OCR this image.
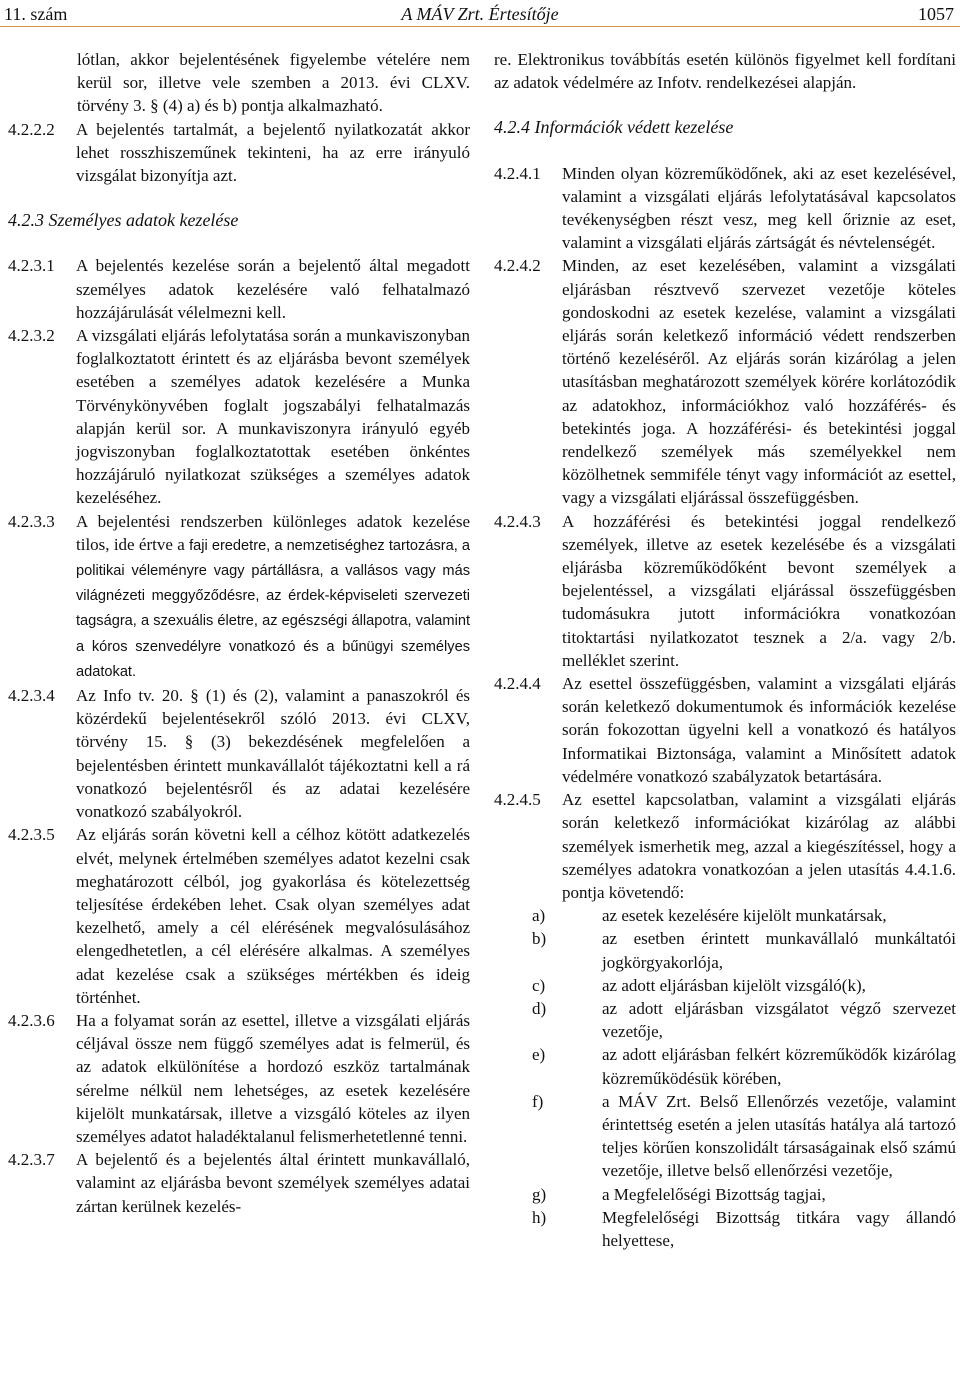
11. szám	A MÁV Zrt. Értesítője	1057

lótlan, akkor bejelentésének figyelembe vételére nem kerül sor, illetve vele szemben a 2013. évi CLXV. törvény 3. § (4) a) és b) pontja alkalmazható.

4.2.2.2	A bejelentés tartalmát, a bejelentő nyilatkozatát akkor lehet rosszhiszeműnek tekinteni, ha az erre irányuló vizsgálat bizonyítja azt.

4.2.3 Személyes adatok kezelése

4.2.3.1	A bejelentés kezelése során a bejelentő által megadott személyes adatok kezelésére való felhatalmazó hozzájárulását vélelmezni kell.
4.2.3.2	A vizsgálati eljárás lefolytatása során a munkaviszonyban foglalkoztatott érintett és az eljárásba bevont személyek esetében a személyes adatok kezelésére a Munka Törvénykönyvében foglalt jogszabályi felhatalmazás alapján kerül sor. A munkaviszonyra irányuló egyéb jogviszonyban foglalkoztatottak esetében önkéntes hozzájáruló nyilatkozat szükséges a személyes adatok kezeléséhez.
4.2.3.3	A bejelentési rendszerben különleges adatok kezelése tilos, ide értve a faji eredetre, a nemzetiséghez tartozásra, a politikai véleményre vagy pártállásra, a vallásos vagy más világnézeti meggyőződésre, az érdek-képviseleti szervezeti tagságra, a szexuális életre, az egészségi állapotra, valamint a kóros szenvedélyre vonatkozó és a bűnügyi személyes adatokat.
4.2.3.4	Az Info tv. 20. § (1) és (2), valamint a panaszokról és közérdekű bejelentésekről szóló 2013. évi CLXV, törvény 15. § (3) bekezdésének megfelelően a bejelentésben érintett munkavállalót tájékoztatni kell a rá vonatkozó bejelentésről és az adatai kezelésére vonatkozó szabályokról.
4.2.3.5	Az eljárás során követni kell a célhoz kötött adatkezelés elvét, melynek értelmében személyes adatot kezelni csak meghatározott célból, jog gyakorlása és kötelezettség teljesítése érdekében lehet. Csak olyan személyes adat kezelhető, amely a cél elérésének megvalósulásához elengedhetetlen, a cél elérésére alkalmas. A személyes adat kezelése csak a szükséges mértékben és ideig történhet.
4.2.3.6	Ha a folyamat során az esettel, illetve a vizsgálati eljárás céljával össze nem függő személyes adat is felmerül, és az adatok elkülönítése a hordozó eszköz tartalmának sérelme nélkül nem lehetséges, az esetek kezelésére kijelölt munkatársak, illetve a vizsgáló köteles az ilyen személyes adatot haladéktalanul felismerhetetlenné tenni.
4.2.3.7	A bejelentő és a bejelentés által érintett munkavállaló, valamint az eljárásba bevont személyek személyes adatai zártan kerülnek kezelés-

re. Elektronikus továbbítás esetén különös figyelmet kell fordítani az adatok védelmére az Infotv. rendelkezései alapján.

4.2.4 Információk védett kezelése

4.2.4.1	Minden olyan közreműködőnek, aki az eset kezelésével, valamint a vizsgálati eljárás lefolytatásával kapcsolatos tevékenységben részt vesz, meg kell őriznie az eset, valamint a vizsgálati eljárás zártságát és névtelenségét.
4.2.4.2	Minden, az eset kezelésében, valamint a vizsgálati eljárásban résztvevő szervezet vezetője köteles gondoskodni az esetek kezelése, valamint a vizsgálati eljárás során keletkező információ védett rendszerben történő kezeléséről. Az eljárás során kizárólag a jelen utasításban meghatározott személyek körére korlátozódik az adatokhoz, információkhoz való hozzáférés- és betekintés joga. A hozzáférési- és betekintési joggal rendelkező személyek más személyekkel nem közölhetnek semmiféle tényt vagy információt az esettel, vagy a vizsgálati eljárással összefüggésben.
4.2.4.3	A hozzáférési és betekintési joggal rendelkező személyek, illetve az esetek kezelésébe és a vizsgálati eljárásba közreműködőként bevont személyek a bejelentéssel, a vizsgálati eljárással összefüggésben tudomásukra jutott információkra vonatkozóan titoktartási nyilatkozatot tesznek a 2/a. vagy 2/b. melléklet szerint.
4.2.4.4	Az esettel összefüggésben, valamint a vizsgálati eljárás során keletkező dokumentumok és információk kezelése során fokozottan ügyelni kell a vonatkozó és hatályos Informatikai Biztonsága, valamint a Minősített adatok védelmére vonatkozó szabályzatok betartására.
4.2.4.5	Az esettel kapcsolatban, valamint a vizsgálati eljárás során keletkező információkat kizárólag az alábbi személyek ismerhetik meg, azzal a kiegészítéssel, hogy a személyes adatokra vonatkozóan a jelen utasítás 4.4.1.6. pontja követendő:
a)	az esetek kezelésére kijelölt munkatársak,
b)	az esetben érintett munkavállaló munkáltatói jogkörgyakorlója,
c)	az adott eljárásban kijelölt vizsgáló(k),
d)	az adott eljárásban vizsgálatot végző szervezet vezetője,
e)	az adott eljárásban felkért közreműködők kizárólag közreműködésük körében,
f)	a MÁV Zrt. Belső Ellenőrzés vezetője, valamint érintettség esetén a jelen utasítás hatálya alá tartozó teljes körűen konszolidált társaságainak első számú vezetője, illetve belső ellenőrzési vezetője,
g)	a Megfelelőségi Bizottság tagjai,
h)	Megfelelőségi Bizottság titkára vagy állandó helyettese,
